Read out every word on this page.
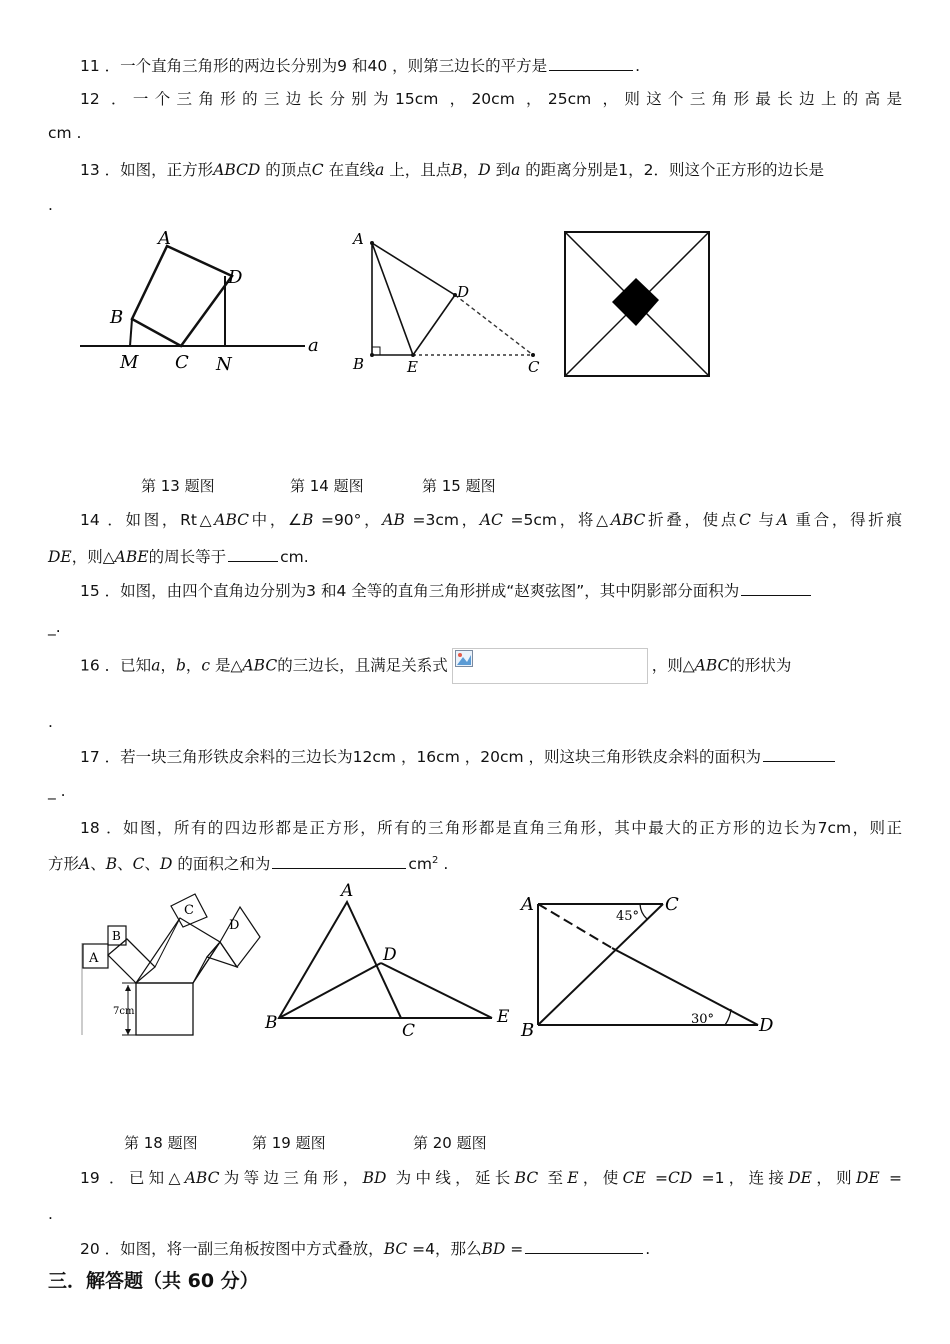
11 ．一个直角三角形的两边长分别为9 和40 ，则第三边长的平方是	.
12 ．一个三角形的三边长分别为15cm ，20cm ，25cm ，则这个三角形最长边上的高是
cm .
13 ．如图，正方形ABCD 的顶点C 在直线a 上，且点B，D 到a 的距离分别是1，2．则这个正方形的边长是
.
A
D
B
M C N
a
A
D
B	E	C
第 13 题图	第 14 题图	第 15 题图
14 ．如图，Rt△ABC中，∠B =90°，AB =3cm，AC =5cm，将△ABC折叠，使点C 与A 重合，得折痕
DE，则△ABE的周长等于	cm.
15 ．如图，由四个直角边分别为3 和4 全等的直角三角形拼成“赵爽弦图”，其中阴影部分面积为
_.
16 ．已知a，b，c 是△ABC的三边长，且满足关系式	，则△ABC的形状为
.
17 ．若一块三角形铁皮余料的三边长为12cm ，16cm ，20cm ，则这块三角形铁皮余料的面积为
_ .
18 ．如图，所有的四边形都是正方形，所有的三角形都是直角三角形，其中最大的正方形的边长为7cm，则正
方形A、B、C、D 的面积之和为	$cm^2$ .
A
B
C
D
7cm
A
D
B	C
E
A	C
B	D
45°
30°
第 18 题图	第 19 题图	第 20 题图
19 ．已知△ABC为等边三角形，BD 为中线，延长BC 至E，使CE =CD =1，连接DE，则DE =
.
20 ．如图，将一副三角板按图中方式叠放，BC =4，那么BD =	.
三．解答题（共 60 分）
